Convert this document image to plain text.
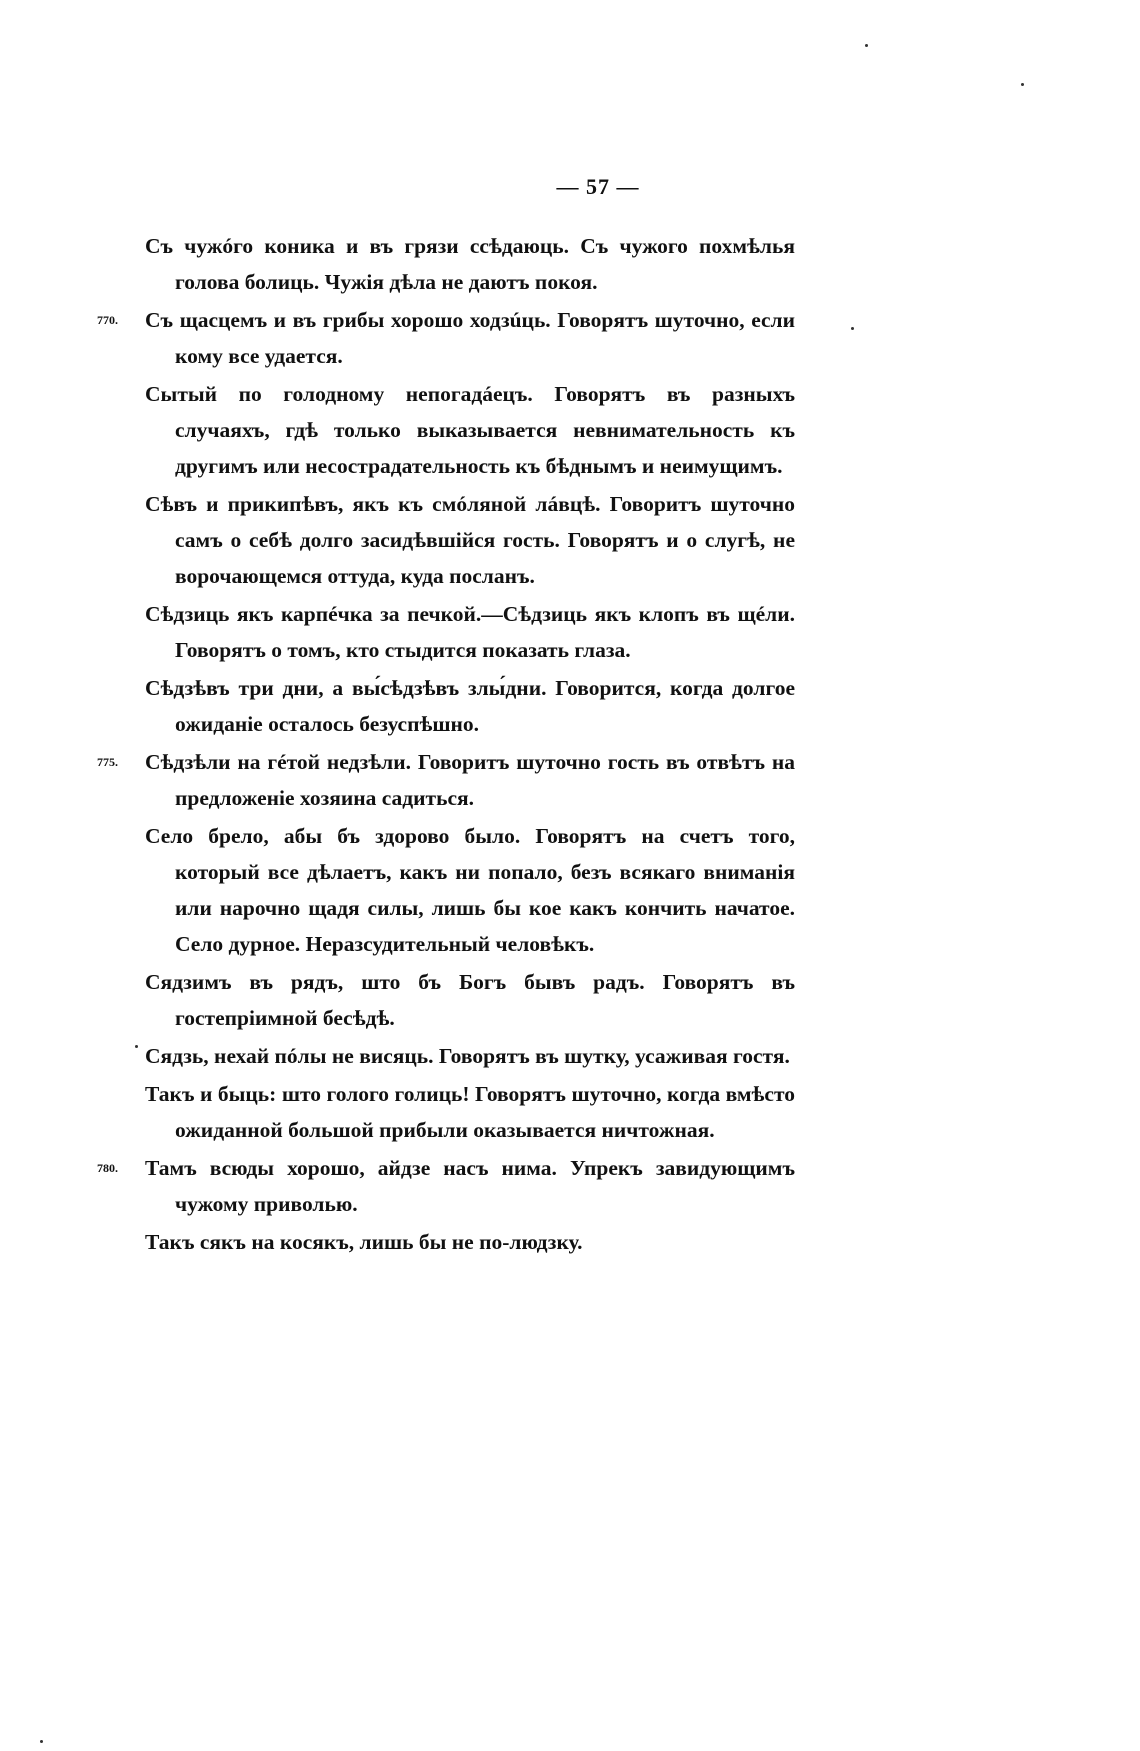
— 57 —

Съ чужóго коника и въ грязи ссѣдаюць. Съ чужого похмѣлья голова болиць. Чужія дѣла не даютъ покоя.

770. Съ щасцемъ и въ грибы хорошо ходзúць. Говорятъ шуточно, если кому все удается.

Сытый по голодному непогадáецъ. Говорятъ въ разныхъ случаяхъ, гдѣ только выказывается невнимательность къ другимъ или несострадательность къ бѣднымъ и неимущимъ.

Сѣвъ и прикипѣвъ, якъ къ смóляной лáвцѣ. Говоритъ шуточно самъ о себѣ долго засидѣвшійся гость. Говорятъ и о слугѣ, не ворочающемся оттуда, куда посланъ.

Сѣдзиць якъ карпéчка за печкой.—Сѣдзиць якъ клопъ въ щéли. Говорятъ о томъ, кто стыдится показать глаза.

Сѣдзѣвъ три дни, а вы́сѣдзѣвъ злы́дни. Говорится, когда долгое ожиданіе осталось безуспѣшно.

775. Сѣдзѣли на гéтой недзѣли. Говоритъ шуточно гость въ отвѣтъ на предложеніе хозяина садиться.

Село брело, абы бъ здорово было. Говорятъ на счетъ того, который все дѣлаетъ, какъ ни попало, безъ всякаго вниманія или нарочно щадя силы, лишь бы кое какъ кончить начатое. Село дурное. Неразсудительный человѣкъ.

Сядзимъ въ рядъ, што бъ Богъ бывъ радъ. Говорятъ въ гостепріимной бесѣдѣ.

Сядзь, нехай пóлы не висяць. Говорятъ въ шутку, усаживая гостя.

Такъ и быць: што голого голиць! Говорятъ шуточно, когда вмѣсто ожиданной большой прибыли оказывается ничтожная.

780. Тамъ всюды хорошо, айдзе насъ нима. Упрекъ завидующимъ чужому приволью.

Такъ сякъ на косякъ, лишь бы не по-людзку.
